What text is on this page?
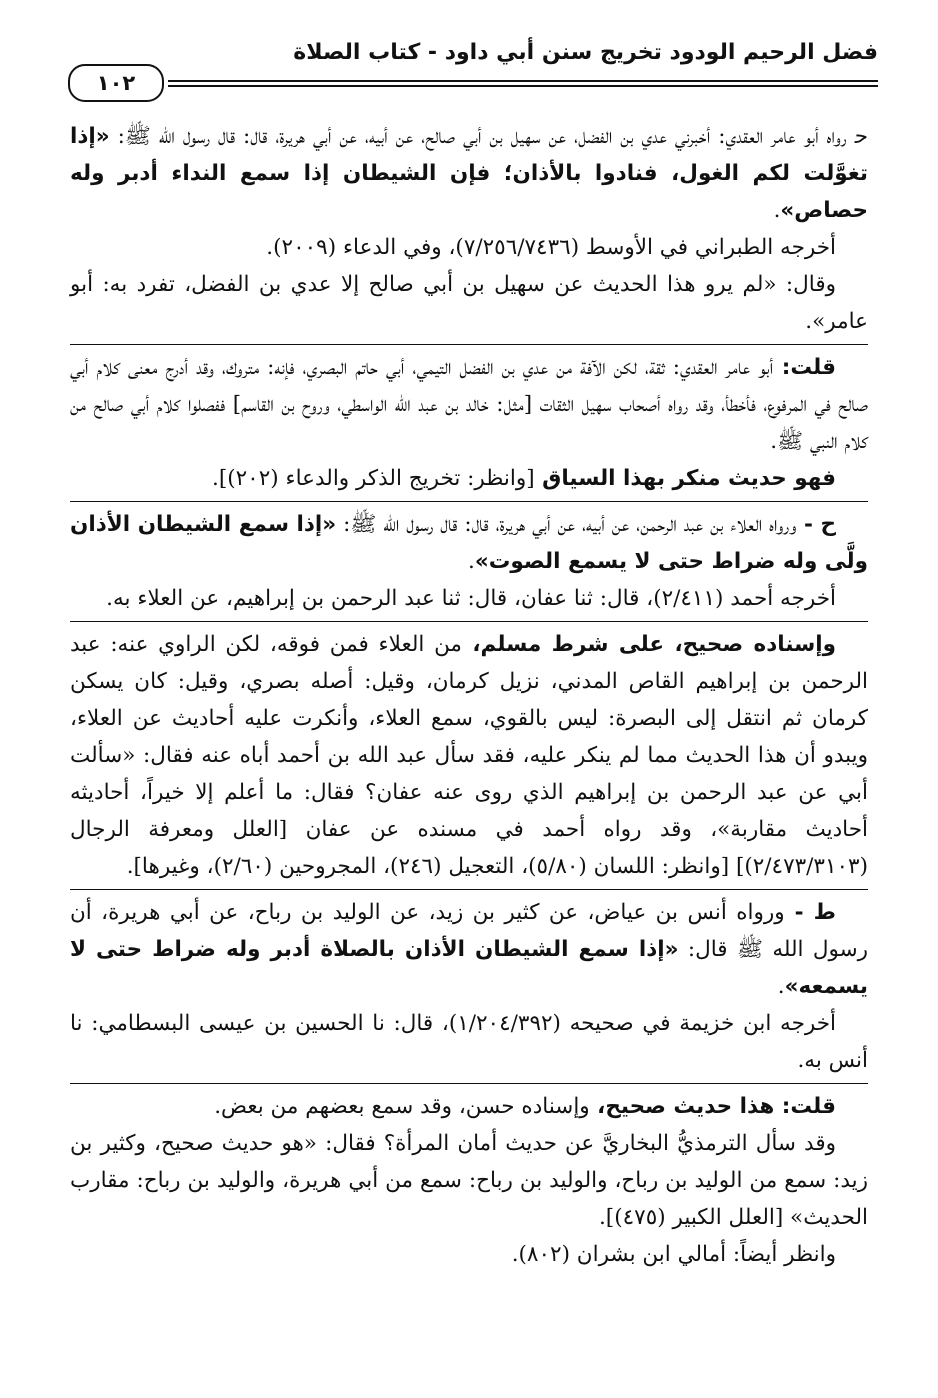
فضل الرحيم الودود تخريج سنن أبي داود - كتاب الصلاة
١٠٢

ﺣ رواه أبو عامر العقدي: أخبرني عدي بن الفضل، عن سهيل بن أبي صالح، عن أبيه، عن أبي هريرة، قال: قال رسول الله ﷺ: «إذا تغوَّلت لكم الغول، فنادوا بالأذان؛ فإن الشيطان إذا سمع النداء أدبر وله حصاص».

أخرجه الطبراني في الأوسط (٧/٢٥٦/٧٤٣٦)، وفي الدعاء (٢٠٠٩).

وقال: «لم يرو هذا الحديث عن سهيل بن أبي صالح إلا عدي بن الفضل، تفرد به: أبو عامر».

قلت: أبو عامر العقدي: ثقة، لكن الآفة من عدي بن الفضل التيمي، أبي حاتم البصري، فإنه: متروك، وقد أدرج معنى كلام أبي صالح في المرفوع، فأخطأ، وقد رواه أصحاب سهيل الثقات [مثل: خالد بن عبد الله الواسطي، وروح بن القاسم] ففصلوا كلام أبي صالح من كلام النبي ﷺ.

فهو حديث منكر بهذا السياق [وانظر: تخريج الذكر والدعاء (٢٠٢)].

ح - ورواه العلاء بن عبد الرحمن، عن أبيه، عن أبي هريرة، قال: قال رسول الله ﷺ: «إذا سمع الشيطان الأذان ولَّى وله ضراط حتى لا يسمع الصوت».

أخرجه أحمد (٢/٤١١)، قال: ثنا عفان، قال: ثنا عبد الرحمن بن إبراهيم، عن العلاء به.

وإسناده صحيح، على شرط مسلم، من العلاء فمن فوقه، لكن الراوي عنه: عبد الرحمن بن إبراهيم القاص المدني، نزيل كرمان، وقيل: أصله بصري، وقيل: كان يسكن كرمان ثم انتقل إلى البصرة: ليس بالقوي، سمع العلاء، وأنكرت عليه أحاديث عن العلاء، ويبدو أن هذا الحديث مما لم ينكر عليه، فقد سأل عبد الله بن أحمد أباه عنه فقال: «سألت أبي عن عبد الرحمن بن إبراهيم الذي روى عنه عفان؟ فقال: ما أعلم إلا خيراً، أحاديثه أحاديث مقاربة»، وقد رواه أحمد في مسنده عن عفان [العلل ومعرفة الرجال (٢/٤٧٣/٣١٠٣)] [وانظر: اللسان (٥/٨٠)، التعجيل (٢٤٦)، المجروحين (٢/٦٠)، وغيرها].

ط - ورواه أنس بن عياض، عن كثير بن زيد، عن الوليد بن رباح، عن أبي هريرة، أن رسول الله ﷺ قال: «إذا سمع الشيطان الأذان بالصلاة أدبر وله ضراط حتى لا يسمعه».

أخرجه ابن خزيمة في صحيحه (١/٢٠٤/٣٩٢)، قال: نا الحسين بن عيسى البسطامي: نا أنس به.

قلت: هذا حديث صحيح، وإسناده حسن، وقد سمع بعضهم من بعض.

وقد سأل الترمذيُّ البخاريَّ عن حديث أمان المرأة؟ فقال: «هو حديث صحيح، وكثير بن زيد: سمع من الوليد بن رباح، والوليد بن رباح: سمع من أبي هريرة، والوليد بن رباح: مقارب الحديث» [العلل الكبير (٤٧٥)].

وانظر أيضاً: أمالي ابن بشران (٨٠٢).
